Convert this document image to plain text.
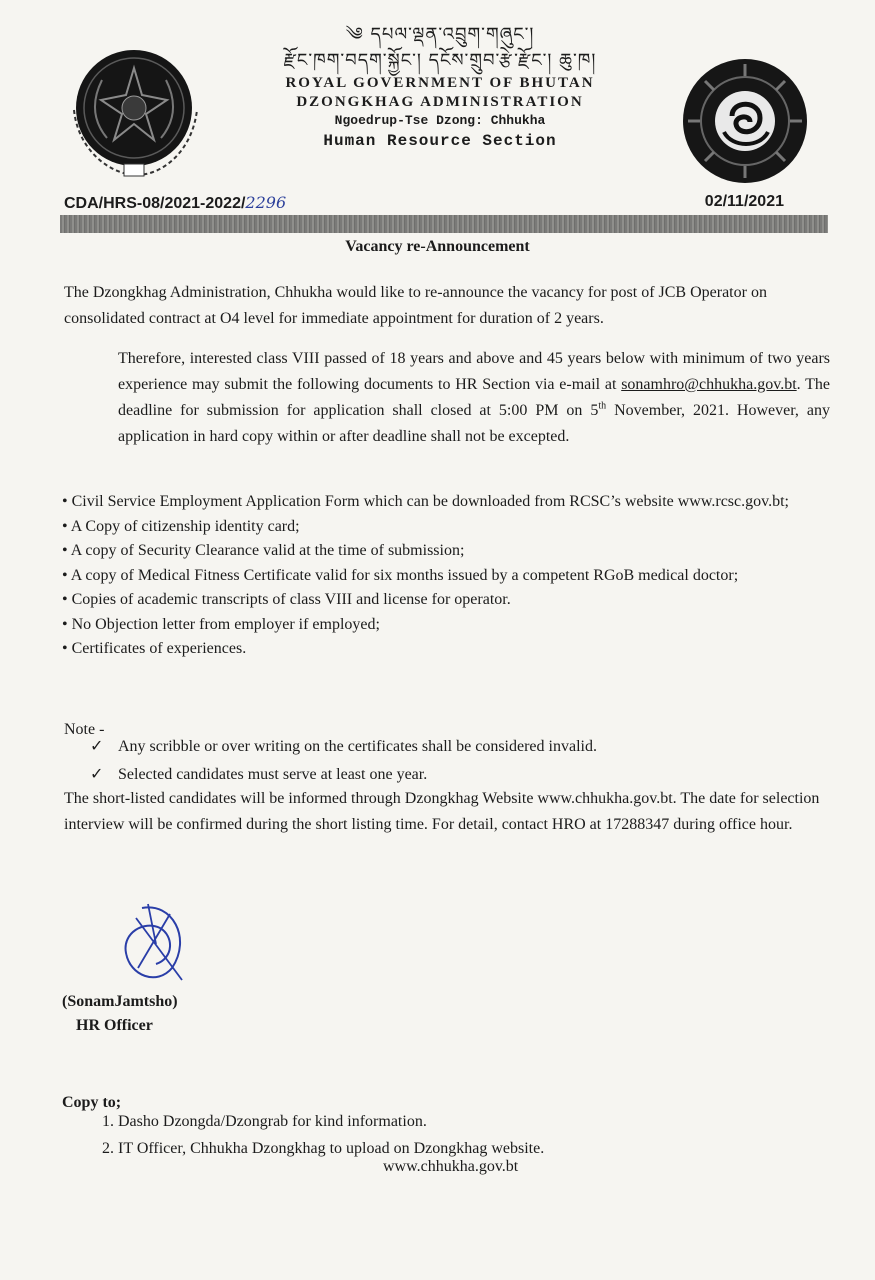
༄ དཔལ་ལྡན་འབྲུག་གཞུང་།
རྫོང་ཁག་བདག་སྐྱོང་། དངོས་གྲུབ་རྩེ་རྫོང་། ཆུ་ཁ།
ROYAL GOVERNMENT OF BHUTAN
DZONGKHAG ADMINISTRATION
Ngoedrup-Tse Dzong: Chhukha
Human Resource Section
CDA/HRS-08/2021-2022/2296	02/11/2021
Vacancy re-Announcement

The Dzongkhag Administration, Chhukha would like to re-announce the vacancy for post of JCB Operator on consolidated contract at O4 level for immediate appointment for duration of 2 years.

Therefore, interested class VIII passed of 18 years and above and 45 years below with minimum of two years experience may submit the following documents to HR Section via e-mail at sonamhro@chhukha.gov.bt. The deadline for submission for application shall closed at 5:00 PM on 5th November, 2021. However, any application in hard copy within or after deadline shall not be excepted.

• Civil Service Employment Application Form which can be downloaded from RCSC’s website www.rcsc.gov.bt;
• A Copy of citizenship identity card;
• A copy of Security Clearance valid at the time of submission;
• A copy of Medical Fitness Certificate valid for six months issued by a competent RGoB medical doctor;
• Copies of academic transcripts of class VIII and license for operator.
• No Objection letter from employer if employed;
• Certificates of experiences.
Note -
✓ Any scribble or over writing on the certificates shall be considered invalid.
✓ Selected candidates must serve at least one year.

The short-listed candidates will be informed through Dzongkhag Website www.chhukha.gov.bt. The date for selection interview will be confirmed during the short listing time. For detail, contact HRO at 17288347 during office hour.

(SonamJamtsho)
HR Officer
Copy to;
1. Dasho Dzongda/Dzongrab for kind information.
2. IT Officer, Chhukha Dzongkhag to upload on Dzongkhag website.
www.chhukha.gov.bt
